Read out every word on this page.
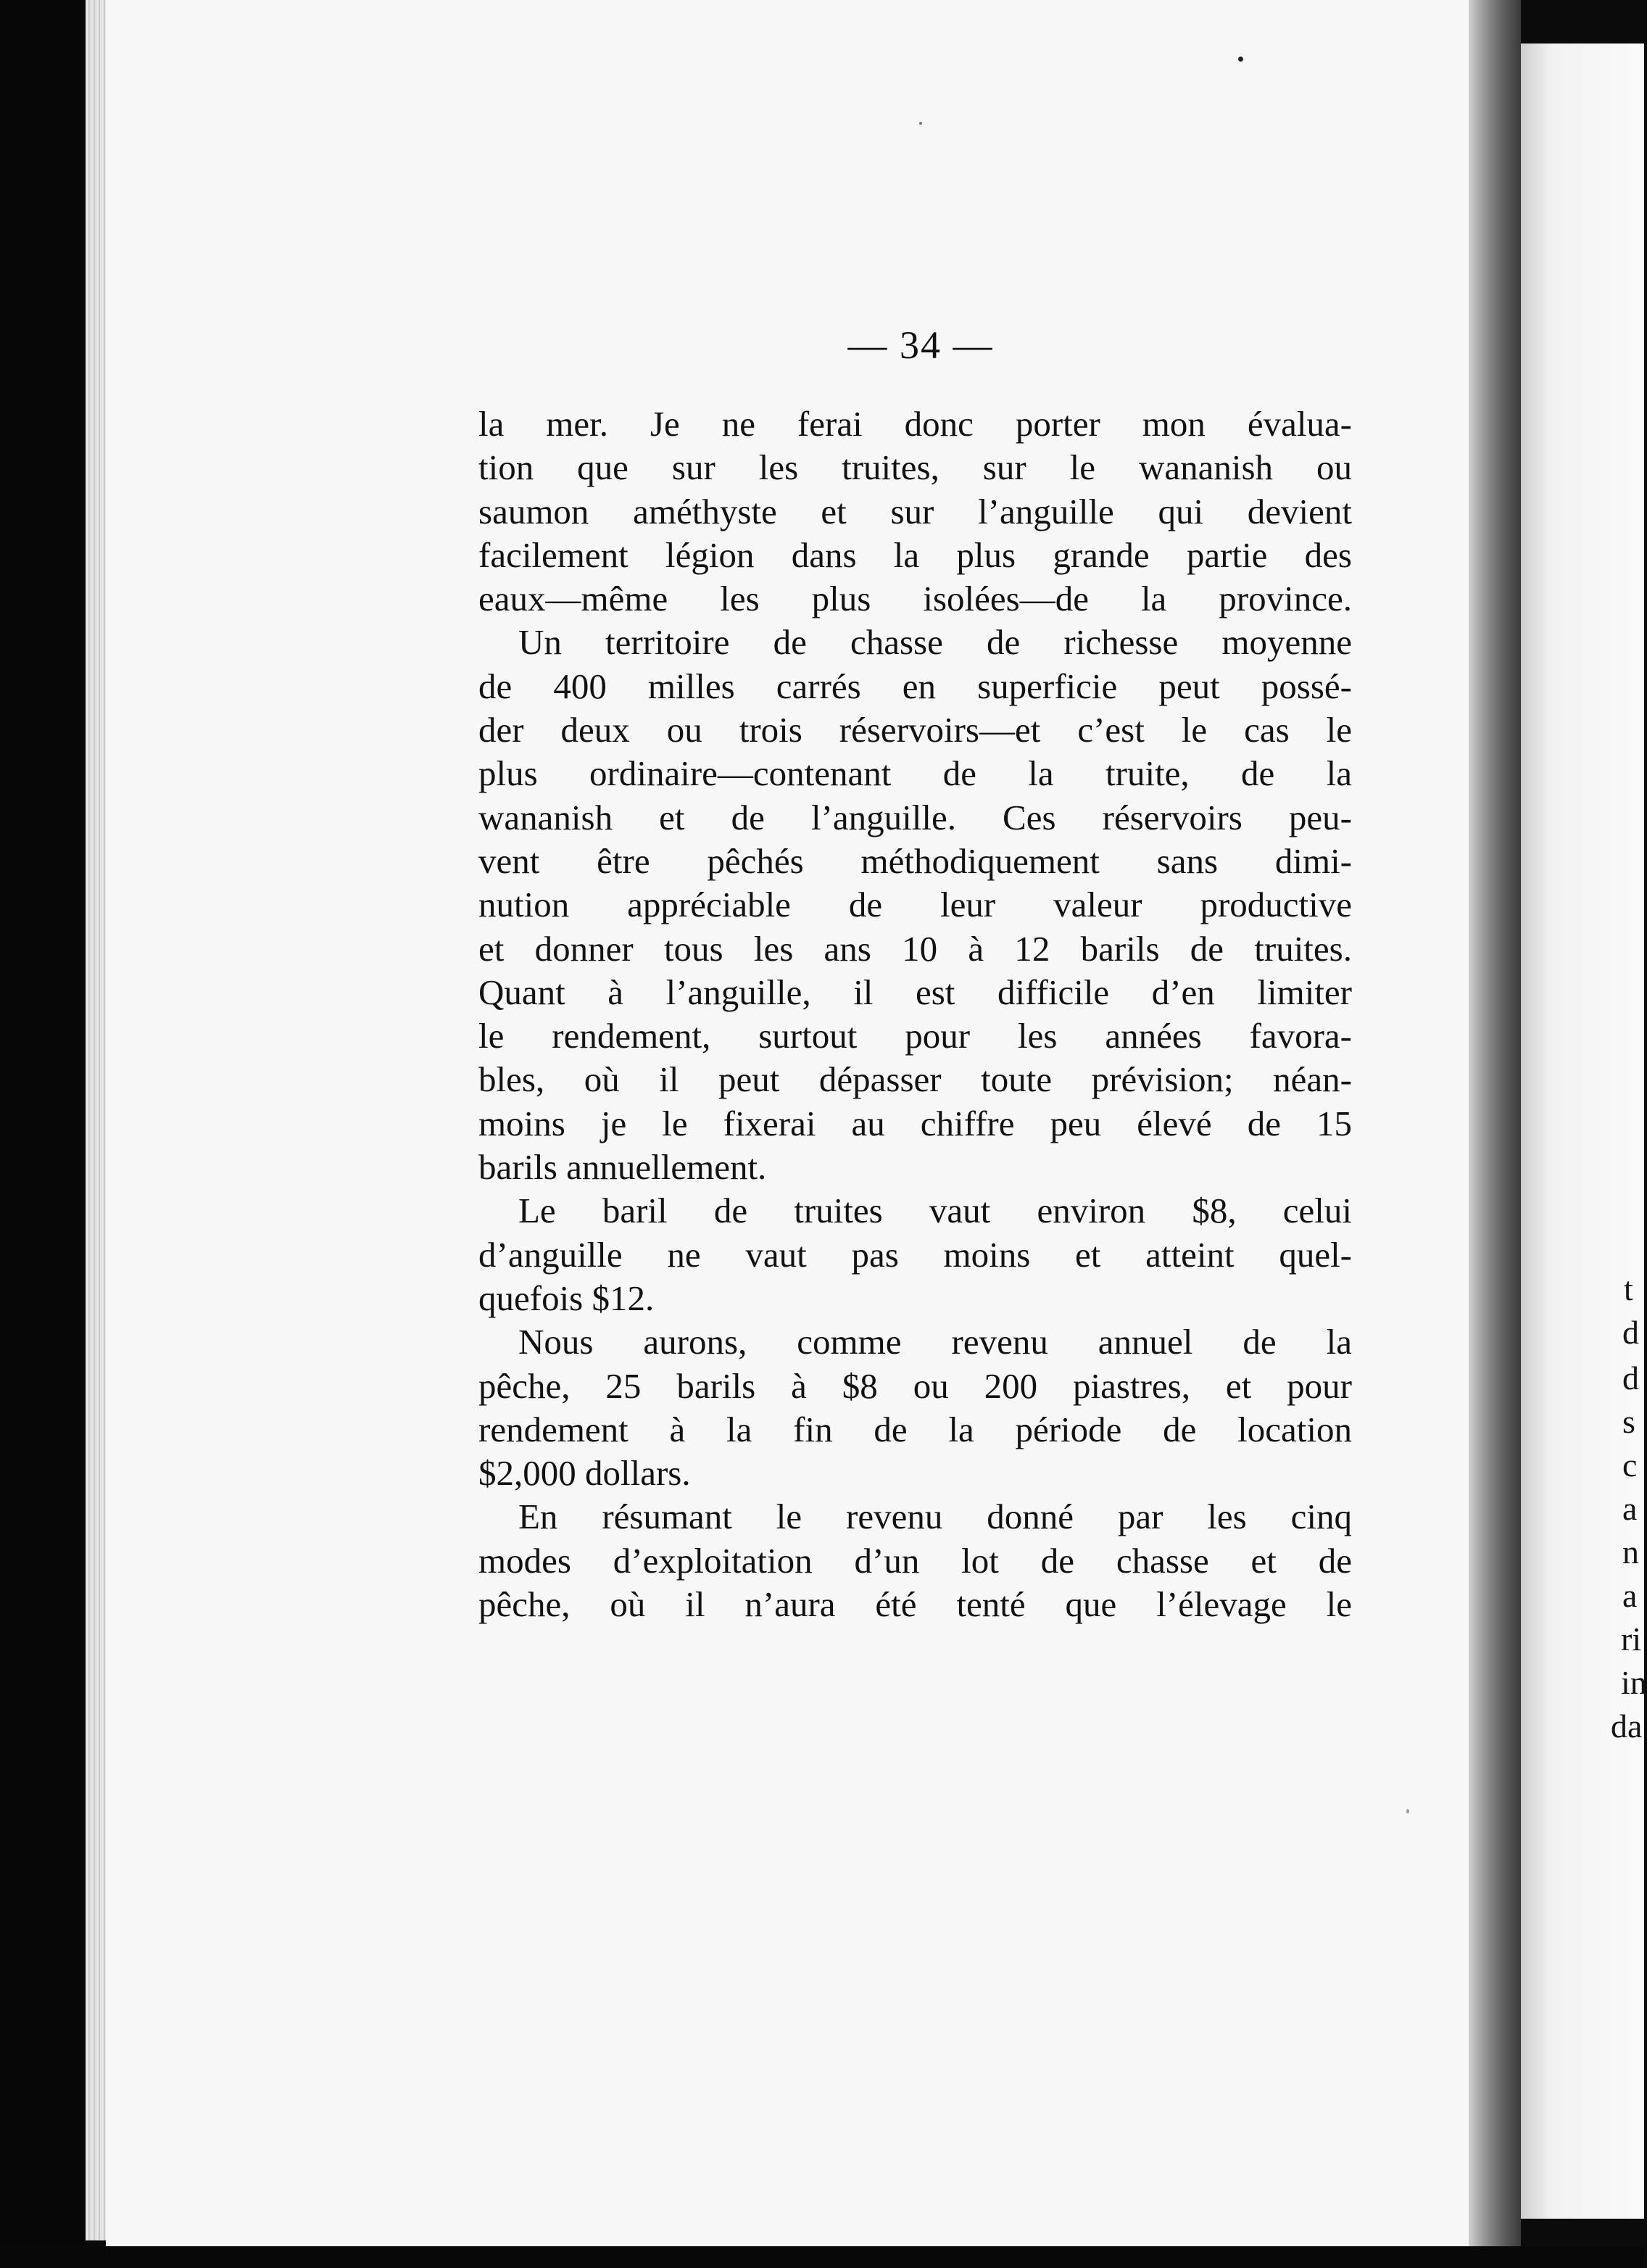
t
d
d
s
c
a
n
a
ri
in
da
— 34 —
la mer. Je ne ferai donc porter mon évalua-
tion que sur les truites, sur le wananish ou
saumon améthyste et sur l’anguille qui devient
facilement légion dans la plus grande partie des
eaux—même les plus isolées—de la province.
Un territoire de chasse de richesse moyenne
de 400 milles carrés en superficie peut possé-
der deux ou trois réservoirs—et c’est le cas le
plus ordinaire—contenant de la truite, de la
wananish et de l’anguille. Ces réservoirs peu-
vent être pêchés méthodiquement sans dimi-
nution appréciable de leur valeur productive
et donner tous les ans 10 à 12 barils de truites.
Quant à l’anguille, il est difficile d’en limiter
le rendement, surtout pour les années favora-
bles, où il peut dépasser toute prévision; néan-
moins je le fixerai au chiffre peu élevé de 15
barils annuellement.
Le baril de truites vaut environ $8, celui
d’anguille ne vaut pas moins et atteint quel-
quefois $12.
Nous aurons, comme revenu annuel de la
pêche, 25 barils à $8 ou 200 piastres, et pour
rendement à la fin de la période de location
$2,000 dollars.
En résumant le revenu donné par les cinq
modes d’exploitation d’un lot de chasse et de
pêche, où il n’aura été tenté que l’élevage le
